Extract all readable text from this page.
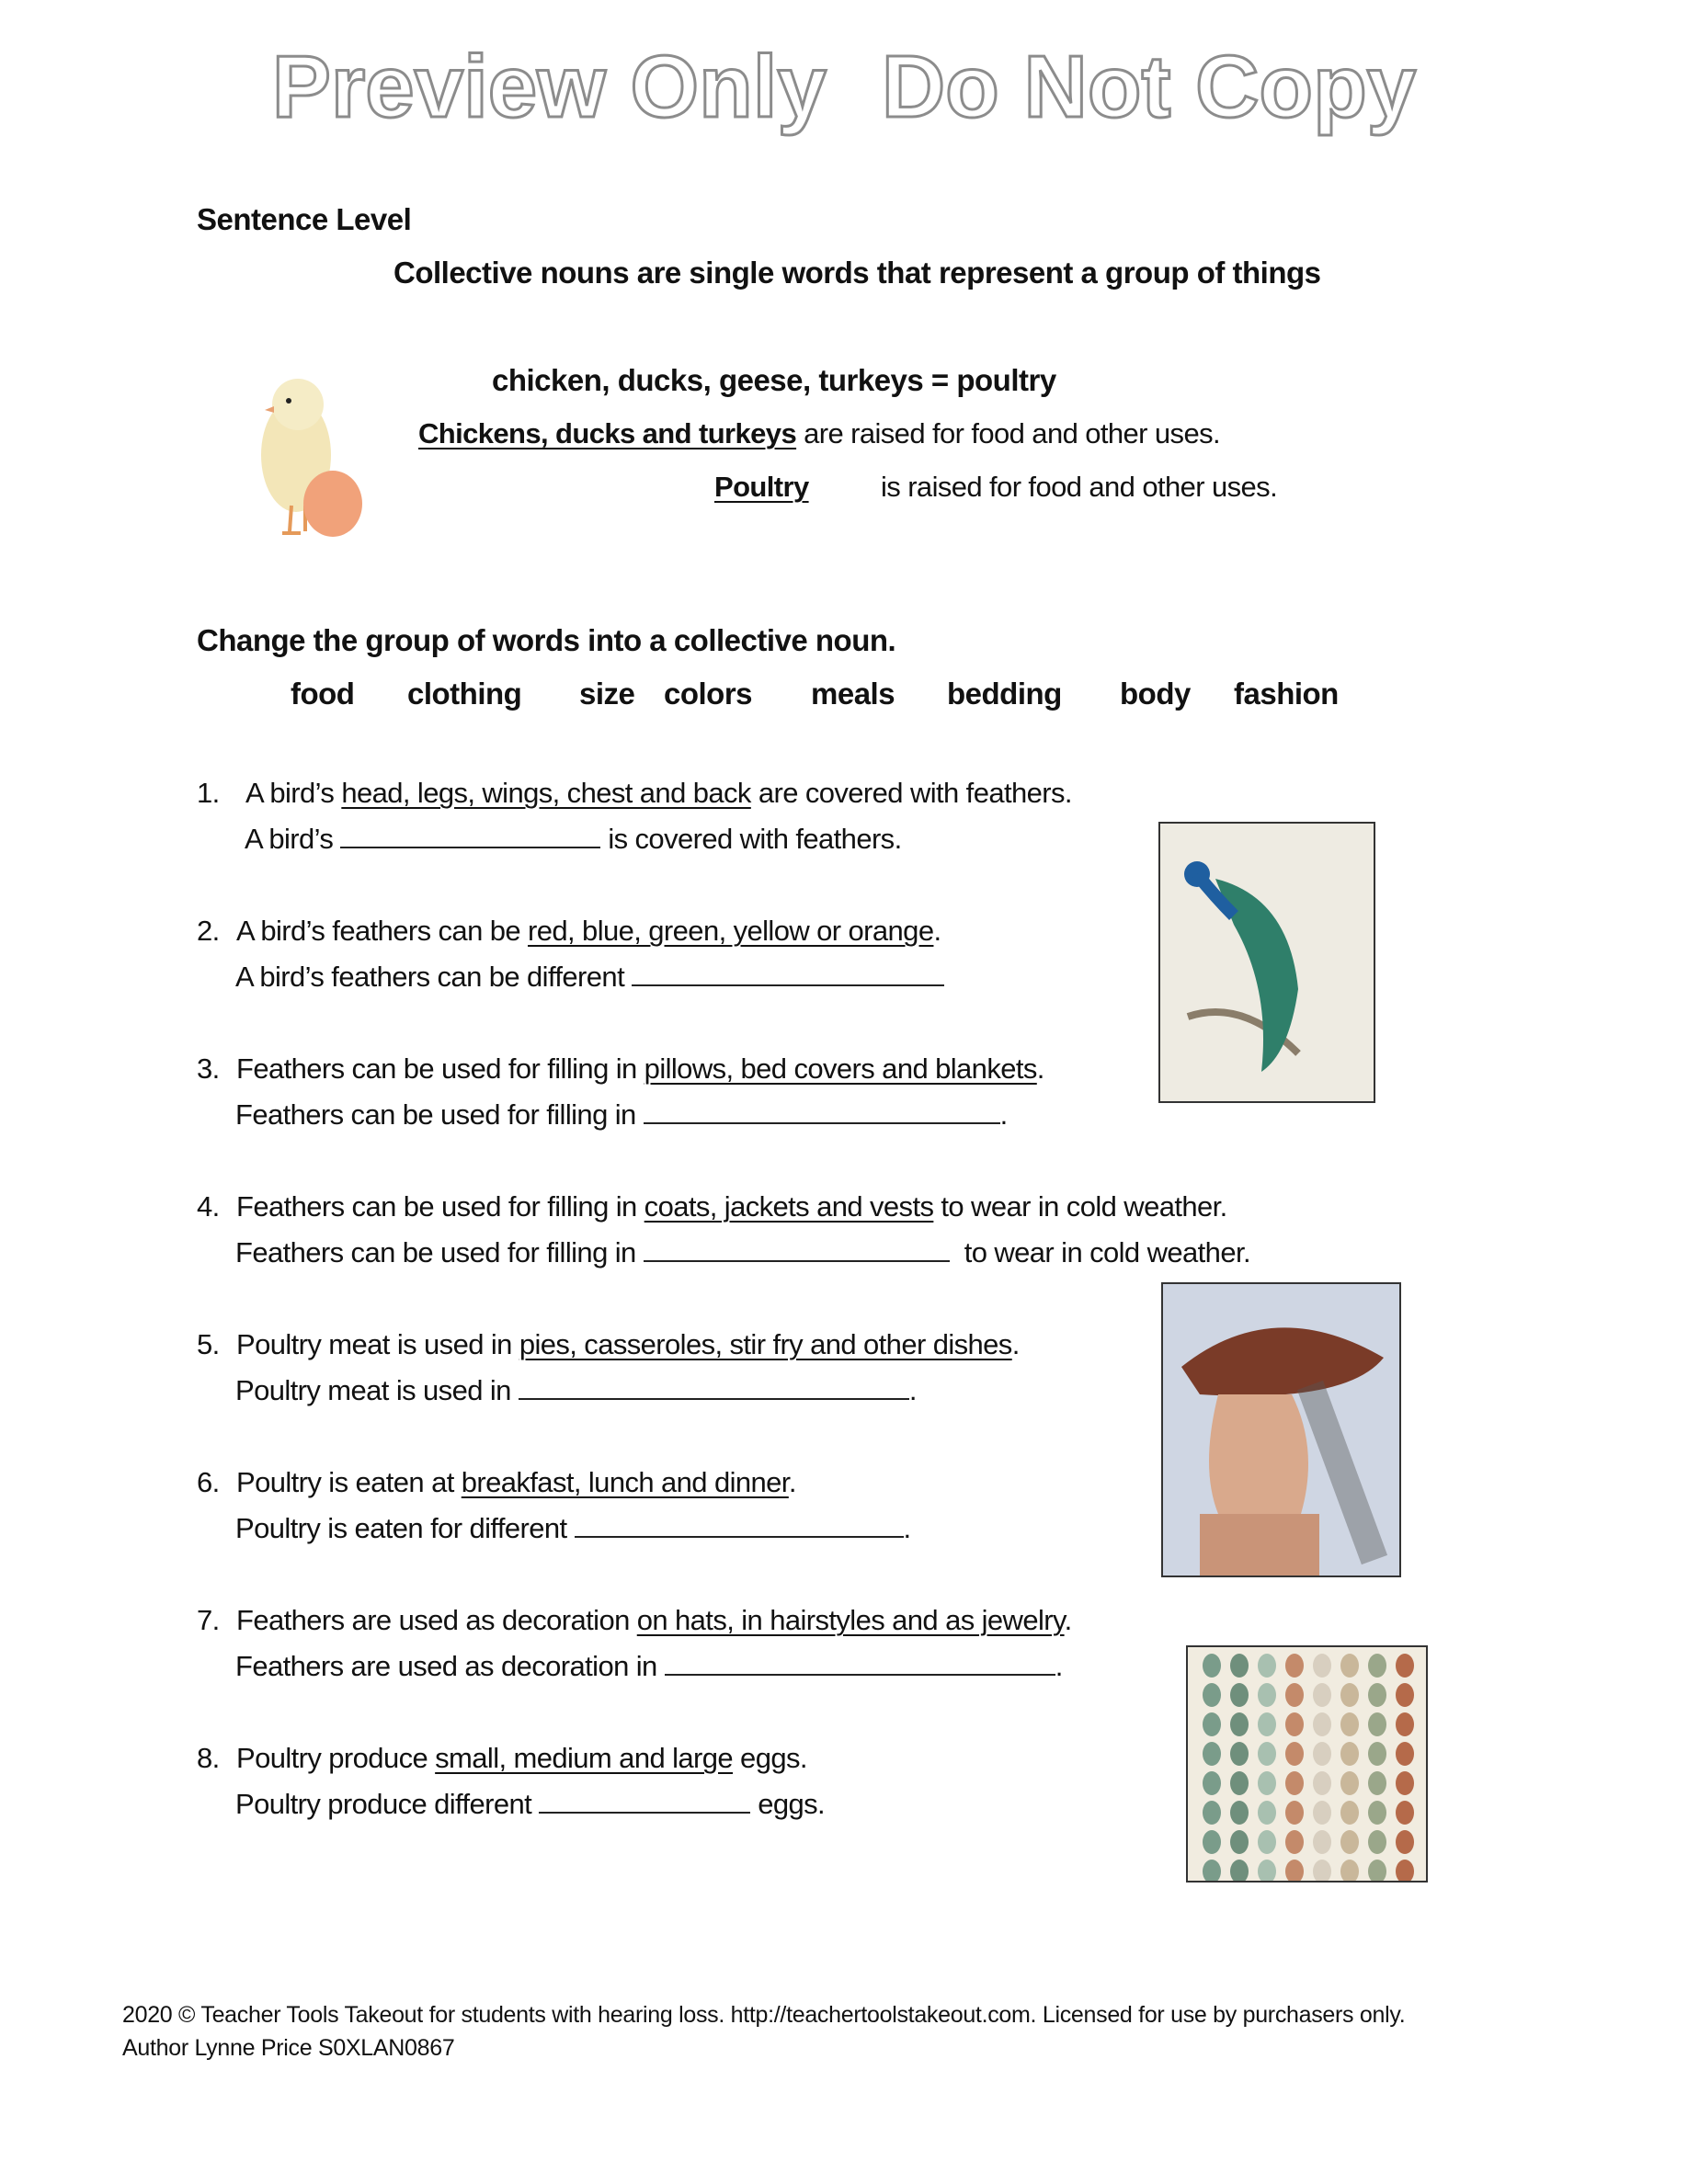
Preview Only Do Not Copy
Sentence Level
Collective nouns are single words that represent a group of things
chicken, ducks, geese, turkeys = poultry
Chickens, ducks and turkeys are raised for food and other uses.
Poultry	is raised for food and other uses.
Change the group of words into a collective noun.
food clothing size colors meals bedding body fashion
1. A bird’s head, legs, wings, chest and back are covered with feathers.
A bird’s	is covered with feathers.
2. A bird’s feathers can be red, blue, green, yellow or orange.
A bird’s feathers can be different
3. Feathers can be used for filling in pillows, bed covers and blankets.
Feathers can be used for filling in	.
4. Feathers can be used for filling in coats, jackets and vests to wear in cold weather.
Feathers can be used for filling in	to wear in cold weather.
5. Poultry meat is used in pies, casseroles, stir fry and other dishes.
Poultry meat is used in	.
6. Poultry is eaten at breakfast, lunch and dinner.
Poultry is eaten for different	.
7. Feathers are used as decoration on hats, in hairstyles and as jewelry.
Feathers are used as decoration in	.
8. Poultry produce small, medium and large eggs.
Poultry produce different	eggs.
2020 © Teacher Tools Takeout for students with hearing loss. http://teachertoolstakeout.com. Licensed for use by purchasers only.
Author Lynne Price S0XLAN0867
